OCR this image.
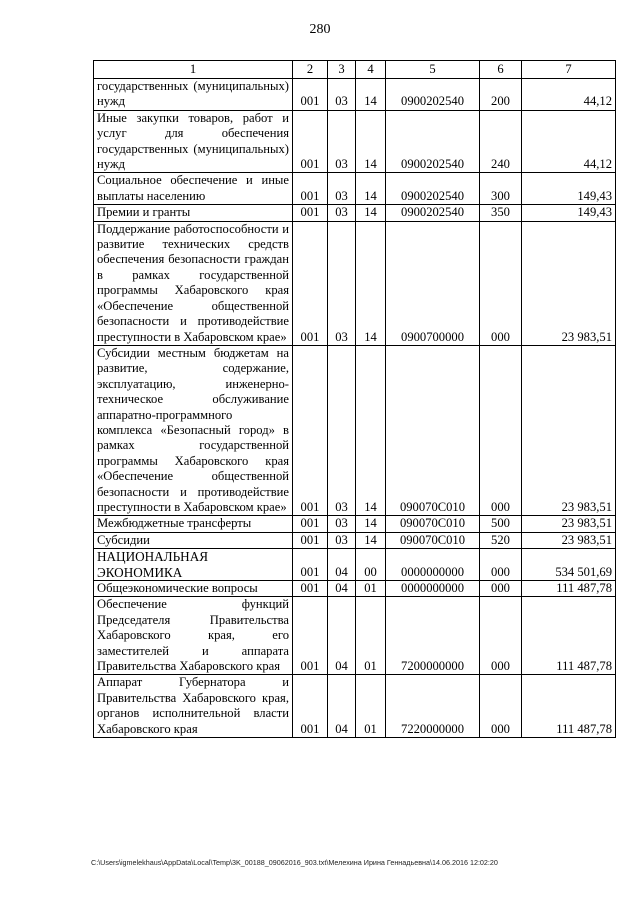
280
1	2	3	4	5	6	7
государственных (муниципальных) нужд	001	03	14	0900202540	200	44,12
Иные закупки товаров, работ и услуг для обеспечения государственных (муниципальных) нужд	001	03	14	0900202540	240	44,12
Социальное обеспечение и иные выплаты населению	001	03	14	0900202540	300	149,43
Премии и гранты	001	03	14	0900202540	350	149,43
Поддержание работоспособности и развитие технических средств обеспечения безопасности граждан в рамках государственной программы Хабаровского края «Обеспечение общественной безопасности и противодействие преступности в Хабаровском крае»	001	03	14	0900700000	000	23 983,51
Субсидии местным бюджетам на развитие, содержание, эксплуатацию, инженерно-техническое обслуживание аппаратно-программного комплекса «Безопасный город» в рамках государственной программы Хабаровского края «Обеспечение общественной безопасности и противодействие преступности в Хабаровском крае»	001	03	14	090070С010	000	23 983,51
Межбюджетные трансферты	001	03	14	090070С010	500	23 983,51
Субсидии	001	03	14	090070С010	520	23 983,51
НАЦИОНАЛЬНАЯ ЭКОНОМИКА	001	04	00	0000000000	000	534 501,69
Общеэкономические вопросы	001	04	01	0000000000	000	111 487,78
Обеспечение функций Председателя Правительства Хабаровского края, его заместителей и аппарата Правительства Хабаровского края	001	04	01	7200000000	000	111 487,78
Аппарат Губернатора и Правительства Хабаровского края, органов исполнительной власти Хабаровского края	001	04	01	7220000000	000	111 487,78
C:\Users\igmelekhaus\AppData\Local\Temp\3K_00188_09062016_903.txt\Мелехина Ирина Геннадьевна\14.06.2016 12:02:20
